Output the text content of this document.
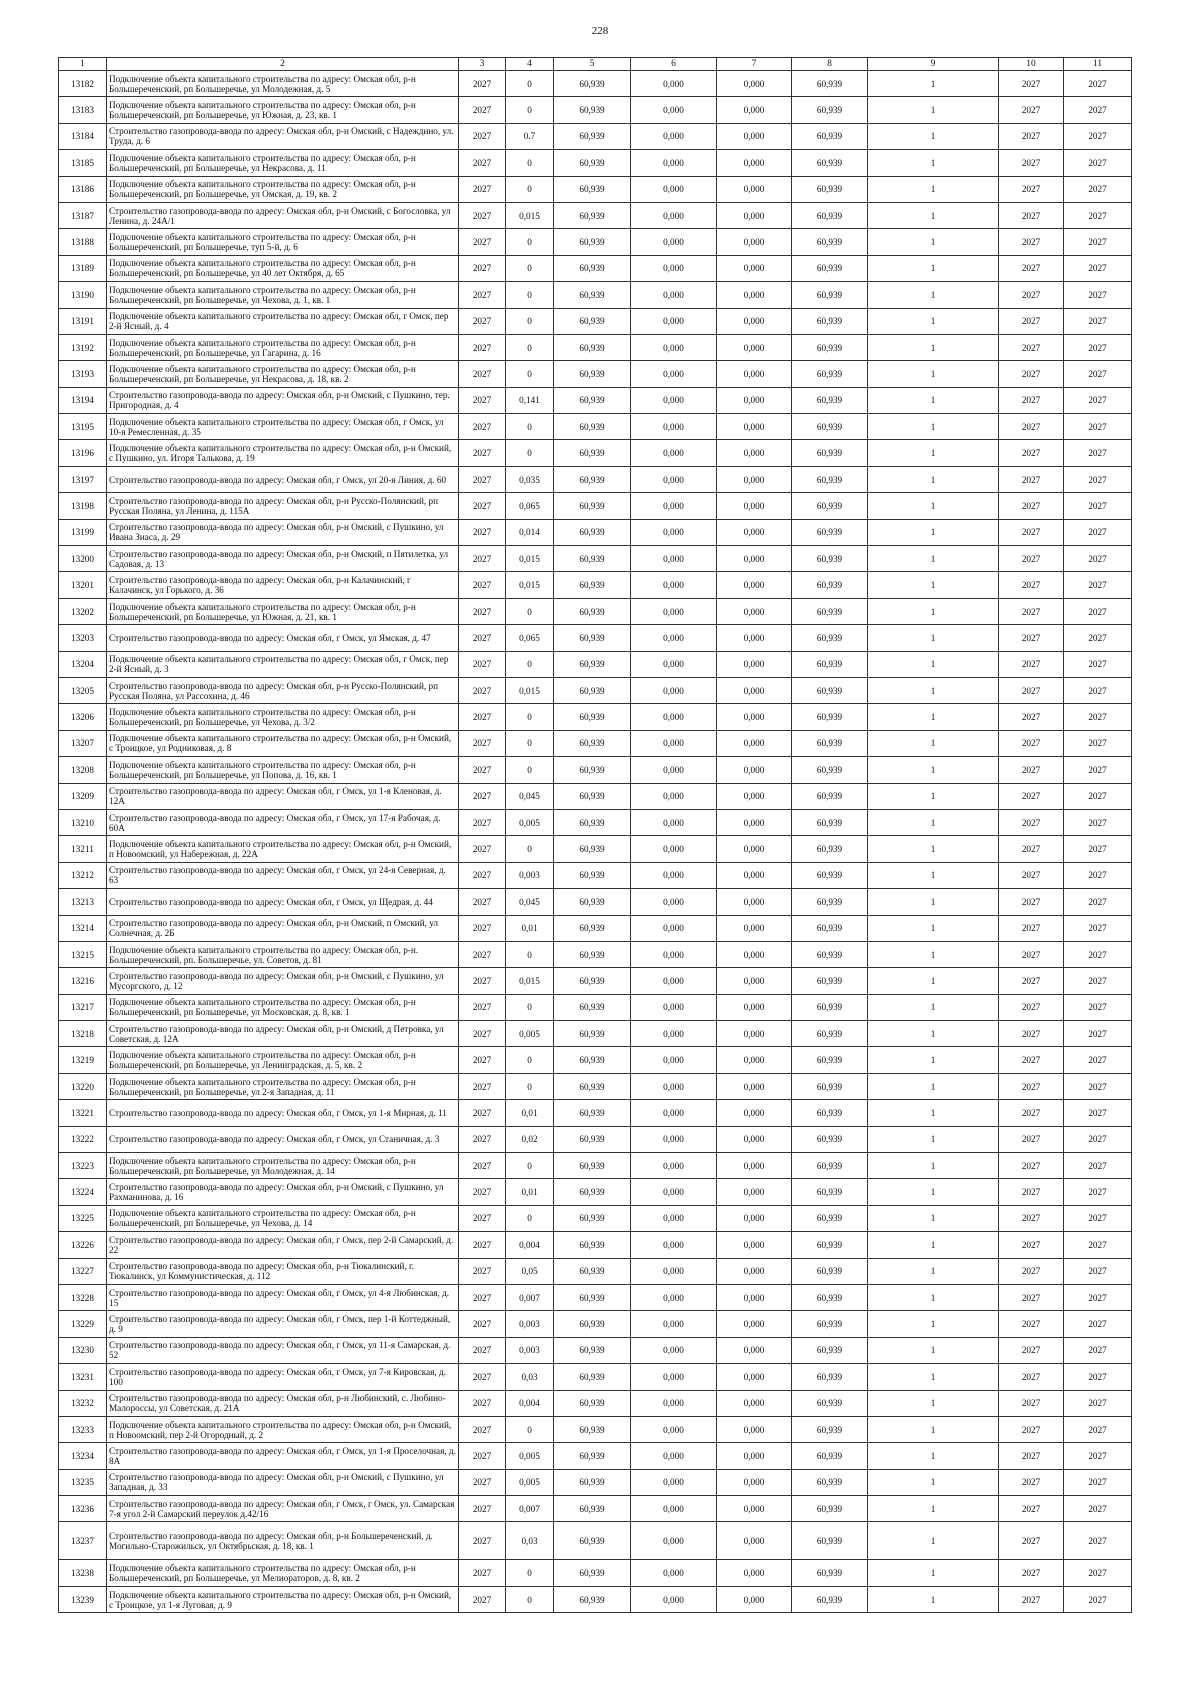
228
1	2	3	4	5	6	7	8	9	10	11
13182	Подключение объекта капитального строительства по адресу: Омская обл, р-н Большереченский, рп Большеречье, ул Молодежная, д. 5	2027	0	60,939	0,000	0,000	60,939	1	2027	2027
13183	Подключение объекта капитального строительства по адресу: Омская обл, р-н Большереченский, рп Большеречье, ул Южная, д. 23, кв. 1	2027	0	60,939	0,000	0,000	60,939	1	2027	2027
13184	Строительство газопровода-ввода по адресу: Омская обл, р-н Омский, с Надеждино, ул. Труда, д. 6	2027	0.7	60,939	0,000	0,000	60,939	1	2027	2027
13185	Подключение объекта капитального строительства по адресу: Омская обл, р-н Большереченский, рп Большеречье, ул Некрасова, д. 11	2027	0	60,939	0,000	0,000	60,939	1	2027	2027
13186	Подключение объекта капитального строительства по адресу: Омская обл, р-н Большереченский, рп Большеречье, ул Омская, д. 19, кв. 2	2027	0	60,939	0,000	0,000	60,939	1	2027	2027
13187	Строительство газопровода-ввода по адресу: Омская обл, р-н Омский, с Богословка, ул Ленина, д. 24А/1	2027	0,015	60,939	0,000	0,000	60,939	1	2027	2027
13188	Подключение объекта капитального строительства по адресу: Омская обл, р-н Большереченский, рп Большеречье, туп 5-й, д. 6	2027	0	60,939	0,000	0,000	60,939	1	2027	2027
13189	Подключение объекта капитального строительства по адресу: Омская обл, р-н Большереченский, рп Большеречье, ул 40 лет Октября, д. 65	2027	0	60,939	0,000	0,000	60,939	1	2027	2027
13190	Подключение объекта капитального строительства по адресу: Омская обл, р-н Большереченский, рп Большеречье, ул Чехова, д. 1, кв. 1	2027	0	60,939	0,000	0,000	60,939	1	2027	2027
13191	Подключение объекта капитального строительства по адресу: Омская обл, г Омск, пер 2-й Ясный, д. 4	2027	0	60,939	0,000	0,000	60,939	1	2027	2027
13192	Подключение объекта капитального строительства по адресу: Омская обл, р-н Большереченский, рп Большеречье, ул Гагарина, д. 16	2027	0	60,939	0,000	0,000	60,939	1	2027	2027
13193	Подключение объекта капитального строительства по адресу: Омская обл, р-н Большереченский, рп Большеречье, ул Некрасова, д. 18, кв. 2	2027	0	60,939	0,000	0,000	60,939	1	2027	2027
13194	Строительство газопровода-ввода по адресу: Омская обл, р-н Омский, с Пушкино, тер. Пригородная, д. 4	2027	0,141	60,939	0,000	0,000	60,939	1	2027	2027
13195	Подключение объекта капитального строительства по адресу: Омская обл, г Омск, ул 10-я Ремесленная, д. 35	2027	0	60,939	0,000	0,000	60,939	1	2027	2027
13196	Подключение объекта капитального строительства по адресу: Омская обл, р-н Омский, с Пушкино, ул. Игоря Талькова, д. 19	2027	0	60,939	0,000	0,000	60,939	1	2027	2027
13197	Строительство газопровода-ввода по адресу: Омская обл, г Омск, ул 20-я Линия, д. 60	2027	0,035	60,939	0,000	0,000	60,939	1	2027	2027
13198	Строительство газопровода-ввода по адресу: Омская обл, р-н Русско-Полянский, рп Русская Поляна, ул Ленина, д. 115А	2027	0,065	60,939	0,000	0,000	60,939	1	2027	2027
13199	Строительство газопровода-ввода по адресу: Омская обл, р-н Омский, с Пушкино, ул Ивана Зиаса, д. 29	2027	0,014	60,939	0,000	0,000	60,939	1	2027	2027
13200	Строительство газопровода-ввода по адресу: Омская обл, р-н Омский, п Пятилетка, ул Садовая, д. 13	2027	0,015	60,939	0,000	0,000	60,939	1	2027	2027
13201	Строительство газопровода-ввода по адресу: Омская обл, р-н Калачинский, г Калачинск, ул Горького, д. 36	2027	0,015	60,939	0,000	0,000	60,939	1	2027	2027
13202	Подключение объекта капитального строительства по адресу: Омская обл, р-н Большереченский, рп Большеречье, ул Южная, д. 21, кв. 1	2027	0	60,939	0,000	0,000	60,939	1	2027	2027
13203	Строительство газопровода-ввода по адресу: Омская обл, г Омск, ул Ямская, д. 47	2027	0,065	60,939	0,000	0,000	60,939	1	2027	2027
13204	Подключение объекта капитального строительства по адресу: Омская обл, г Омск, пер 2-й Ясный, д. 3	2027	0	60,939	0,000	0,000	60,939	1	2027	2027
13205	Строительство газопровода-ввода по адресу: Омская обл, р-н Русско-Полянский, рп Русская Поляна, ул Рассохина, д. 46	2027	0,015	60,939	0,000	0,000	60,939	1	2027	2027
13206	Подключение объекта капитального строительства по адресу: Омская обл, р-н Большереченский, рп Большеречье, ул Чехова, д. 3/2	2027	0	60,939	0,000	0,000	60,939	1	2027	2027
13207	Подключение объекта капитального строительства по адресу: Омская обл, р-н Омский, с Троицкое, ул Родниковая, д. 8	2027	0	60,939	0,000	0,000	60,939	1	2027	2027
13208	Подключение объекта капитального строительства по адресу: Омская обл, р-н Большереченский, рп Большеречье, ул Попова, д. 16, кв. 1	2027	0	60,939	0,000	0,000	60,939	1	2027	2027
13209	Строительство газопровода-ввода по адресу: Омская обл, г Омск, ул 1-я Кленовая, д. 12А	2027	0,045	60,939	0,000	0,000	60,939	1	2027	2027
13210	Строительство газопровода-ввода по адресу: Омская обл, г Омск, ул 17-я Рабочая, д. 60А	2027	0,005	60,939	0,000	0,000	60,939	1	2027	2027
13211	Подключение объекта капитального строительства по адресу: Омская обл, р-н Омский, п Новоомский, ул Набережная, д. 22А	2027	0	60,939	0,000	0,000	60,939	1	2027	2027
13212	Строительство газопровода-ввода по адресу: Омская обл, г Омск, ул 24-я Северная, д. 63	2027	0,003	60,939	0,000	0,000	60,939	1	2027	2027
13213	Строительство газопровода-ввода по адресу: Омская обл, г Омск, ул Щедрая, д. 44	2027	0,045	60,939	0,000	0,000	60,939	1	2027	2027
13214	Строительство газопровода-ввода по адресу: Омская обл, р-н Омский, п Омский, ул Солнечная, д. 2Б	2027	0,01	60,939	0,000	0,000	60,939	1	2027	2027
13215	Подключение объекта капитального строительства по адресу: Омская обл, р-н. Большереченский, рп. Большеречье, ул. Советов, д. 81	2027	0	60,939	0,000	0,000	60,939	1	2027	2027
13216	Строительство газопровода-ввода по адресу: Омская обл, р-н Омский, с Пушкино, ул Мусоргского, д. 12	2027	0,015	60,939	0,000	0,000	60,939	1	2027	2027
13217	Подключение объекта капитального строительства по адресу: Омская обл, р-н Большереченский, рп Большеречье, ул Московская, д. 8, кв. 1	2027	0	60,939	0,000	0,000	60,939	1	2027	2027
13218	Строительство газопровода-ввода по адресу: Омская обл, р-н Омский, д Петровка, ул Советская, д. 12А	2027	0,005	60,939	0,000	0,000	60,939	1	2027	2027
13219	Подключение объекта капитального строительства по адресу: Омская обл, р-н Большереченский, рп Большеречье, ул Ленинградская, д. 5, кв. 2	2027	0	60,939	0,000	0,000	60,939	1	2027	2027
13220	Подключение объекта капитального строительства по адресу: Омская обл, р-н Большереченский, рп Большеречье, ул 2-я Западная, д. 11	2027	0	60,939	0,000	0,000	60,939	1	2027	2027
13221	Строительство газопровода-ввода по адресу: Омская обл, г Омск, ул 1-я Мирная, д. 11	2027	0,01	60,939	0,000	0,000	60,939	1	2027	2027
13222	Строительство газопровода-ввода по адресу: Омская обл, г Омск, ул Станичная, д. 3	2027	0,02	60,939	0,000	0,000	60,939	1	2027	2027
13223	Подключение объекта капитального строительства по адресу: Омская обл, р-н Большереченский, рп Большеречье, ул Молодежная, д. 14	2027	0	60,939	0,000	0,000	60,939	1	2027	2027
13224	Строительство газопровода-ввода по адресу: Омская обл, р-н Омский, с Пушкино, ул Рахманинова, д. 16	2027	0,01	60,939	0,000	0,000	60,939	1	2027	2027
13225	Подключение объекта капитального строительства по адресу: Омская обл, р-н Большереченский, рп Большеречье, ул Чехова, д. 14	2027	0	60,939	0,000	0,000	60,939	1	2027	2027
13226	Строительство газопровода-ввода по адресу: Омская обл, г Омск, пер 2-й Самарский, д. 22	2027	0,004	60,939	0,000	0,000	60,939	1	2027	2027
13227	Строительство газопровода-ввода по адресу: Омская обл, р-н Тюкалинский, г. Тюкалинск, ул Коммунистическая, д. 112	2027	0,05	60,939	0,000	0,000	60,939	1	2027	2027
13228	Строительство газопровода-ввода по адресу: Омская обл, г Омск, ул 4-я Любинская, д. 15	2027	0,007	60,939	0,000	0,000	60,939	1	2027	2027
13229	Строительство газопровода-ввода по адресу: Омская обл, г Омск, пер 1-й Коттеджный, д. 9	2027	0,003	60,939	0,000	0,000	60,939	1	2027	2027
13230	Строительство газопровода-ввода по адресу: Омская обл, г Омск, ул 11-я Самарская, д. 52	2027	0,003	60,939	0,000	0,000	60,939	1	2027	2027
13231	Строительство газопровода-ввода по адресу: Омская обл, г Омск, ул 7-я Кировская, д. 100	2027	0,03	60,939	0,000	0,000	60,939	1	2027	2027
13232	Строительство газопровода-ввода по адресу: Омская обл, р-н Любинский, с. Любино-Малороссы, ул Советская, д. 21А	2027	0,004	60,939	0,000	0,000	60,939	1	2027	2027
13233	Подключение объекта капитального строительства по адресу: Омская обл, р-н Омский, п Новоомский, пер 2-й Огородный, д. 2	2027	0	60,939	0,000	0,000	60,939	1	2027	2027
13234	Строительство газопровода-ввода по адресу: Омская обл, г Омск, ул 1-я Проселочная, д. 8А	2027	0,005	60,939	0,000	0,000	60,939	1	2027	2027
13235	Строительство газопровода-ввода по адресу: Омская обл, р-н Омский, с Пушкино, ул Западная, д. 33	2027	0,005	60,939	0,000	0,000	60,939	1	2027	2027
13236	Строительство газопровода-ввода по адресу: Омская обл, г Омск, г Омск, ул. Самарская 7-я угол 2-й Самарский переулок д.42/16	2027	0,007	60,939	0,000	0,000	60,939	1	2027	2027
13237	Строительство газопровода-ввода по адресу: Омская обл, р-н Большереченский, д. Могильно-Старожильск, ул Октябрьская, д. 18, кв. 1	2027	0,03	60,939	0,000	0,000	60,939	1	2027	2027
13238	Подключение объекта капитального строительства по адресу: Омская обл, р-н Большереченский, рп Большеречье, ул Мелиораторов, д. 8, кв. 2	2027	0	60,939	0,000	0,000	60,939	1	2027	2027
13239	Подключение объекта капитального строительства по адресу: Омская обл, р-н Омский, с Троицкое, ул 1-я Луговая, д. 9	2027	0	60,939	0,000	0,000	60,939	1	2027	2027
